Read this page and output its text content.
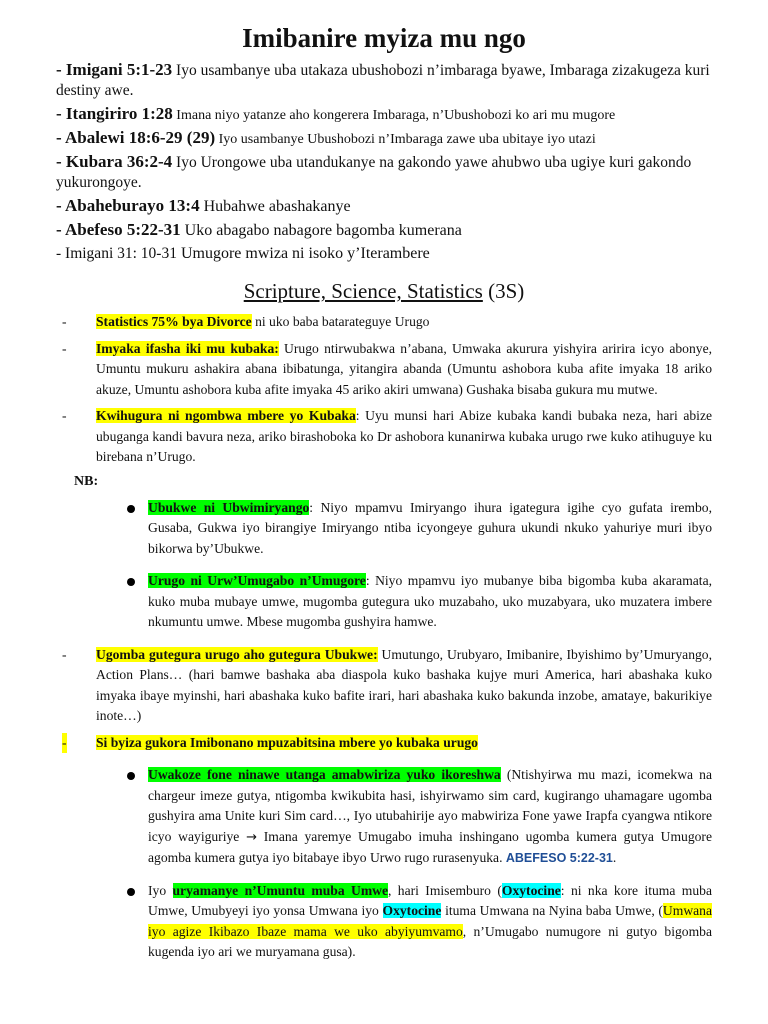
Imibanire myiza mu ngo
- Imigani 5:1-23 Iyo usambanye uba utakaza ubushobozi n’imbaraga byawe, Imbaraga zizakugeza kuri destiny awe.
- Itangiriro 1:28 Imana niyo yatanze aho kongerera Imbaraga, n’Ubushobozi ko ari mu mugore
- Abalewi 18:6-29 (29) Iyo usambanye Ubushobozi n’Imbaraga zawe uba ubitaye iyo utazi
- Kubara 36:2-4 Iyo Urongowe uba utandukanye na gakondo yawe ahubwo uba ugiye kuri gakondo yukurongoye.
- Abaheburayo 13:4 Hubahwe abashakanye
- Abefeso 5:22-31 Uko abagabo nabagore bagomba kumerana
- Imigani 31: 10-31 Umugore mwiza ni isoko y’Iterambere
Scripture, Science, Statistics (3S)
- Statistics 75% bya Divorce ni uko baba batarateguye Urugo
- Imyaka ifasha iki mu kubaka: Urugo ntirwubakwa n’abana, Umwaka akurura yishyira aririra icyo abonye, Umuntu mukuru ashakira abana ibibatunga, yitangira abanda (Umuntu ashobora kuba afite imyaka 18 ariko akuze, Umuntu ashobora kuba afite imyaka 45 ariko akiri umwana) Gushaka bisaba gukura mu mutwe.
- Kwihugura ni ngombwa mbere yo Kubaka: Uyu munsi hari Abize kubaka kandi bubaka neza, hari abize ubuganga kandi bavura neza, ariko birashoboka ko Dr ashobora kunanirwa kubaka urugo rwe kuko atihuguye ku birebana n’Urugo.
NB:
Ubukwe ni Ubwimiryango: Niyo mpamvu Imiryango ihura igategura igihe cyo gufata irembo, Gusaba, Gukwa iyo birangiye Imiryango ntiba icyongeye guhura ukundi nkuko yahuriye muri ibyo bikorwa by’Ubukwe.
Urugo ni Urw’Umugabo n’Umugore: Niyo mpamvu iyo mubanye biba bigomba kuba akaramata, kuko muba mubaye umwe, mugomba gutegura uko muzabaho, uko muzabyara, uko muzatera imbere nkumuntu umwe. Mbese mugomba gushyira hamwe.
- Ugomba gutegura urugo aho gutegura Ubukwe: Umutungo, Urubyaro, Imibanire, Ibyishimo by’Umuryango, Action Plans… (hari bamwe bashaka aba diaspola kuko bashaka kujye muri America, hari abashaka kuko imyaka ibaye myinshi, hari abashaka kuko bafite irari, hari abashaka kuko bakunda inzobe, amataye, bakurikiye inote…)
- Si byiza gukora Imibonano mpuzabitsina mbere yo kubaka urugo
Uwakoze fone ninawe utanga amabwiriza yuko ikoreshwa (Ntishyirwa mu mazi, icomekwa na chargeur imeze gutya, ntigomba kwikubita hasi, ishyirwamo sim card, kugirango uhamagare ugomba gushyira ama Unite kuri Sim card…, Iyo utubahirije ayo mabwiriza Fone yawe Irapfa cyangwa ntikore icyo wayiguriye → Imana yaremye Umugabo imuha inshingano ugomba kumera gutya Umugore agomba kumera gutya iyo bitabaye ibyo Urwo rugo rurasenyuka. ABEFESO 5:22-31.
Iyo uryamanye n’Umuntu muba Umwe, hari Imisemburo (Oxytocine: ni nka kore ituma muba Umwe, Umubyeyi iyo yonsa Umwana iyo Oxytocine ituma Umwana na Nyina baba Umwe, (Umwana iyo agize Ikibazo Ibaze mama we uko abyiyumvamo, n’Umugabo numugore ni gutyo bigomba kugenda iyo ari we muryamana gusa).
